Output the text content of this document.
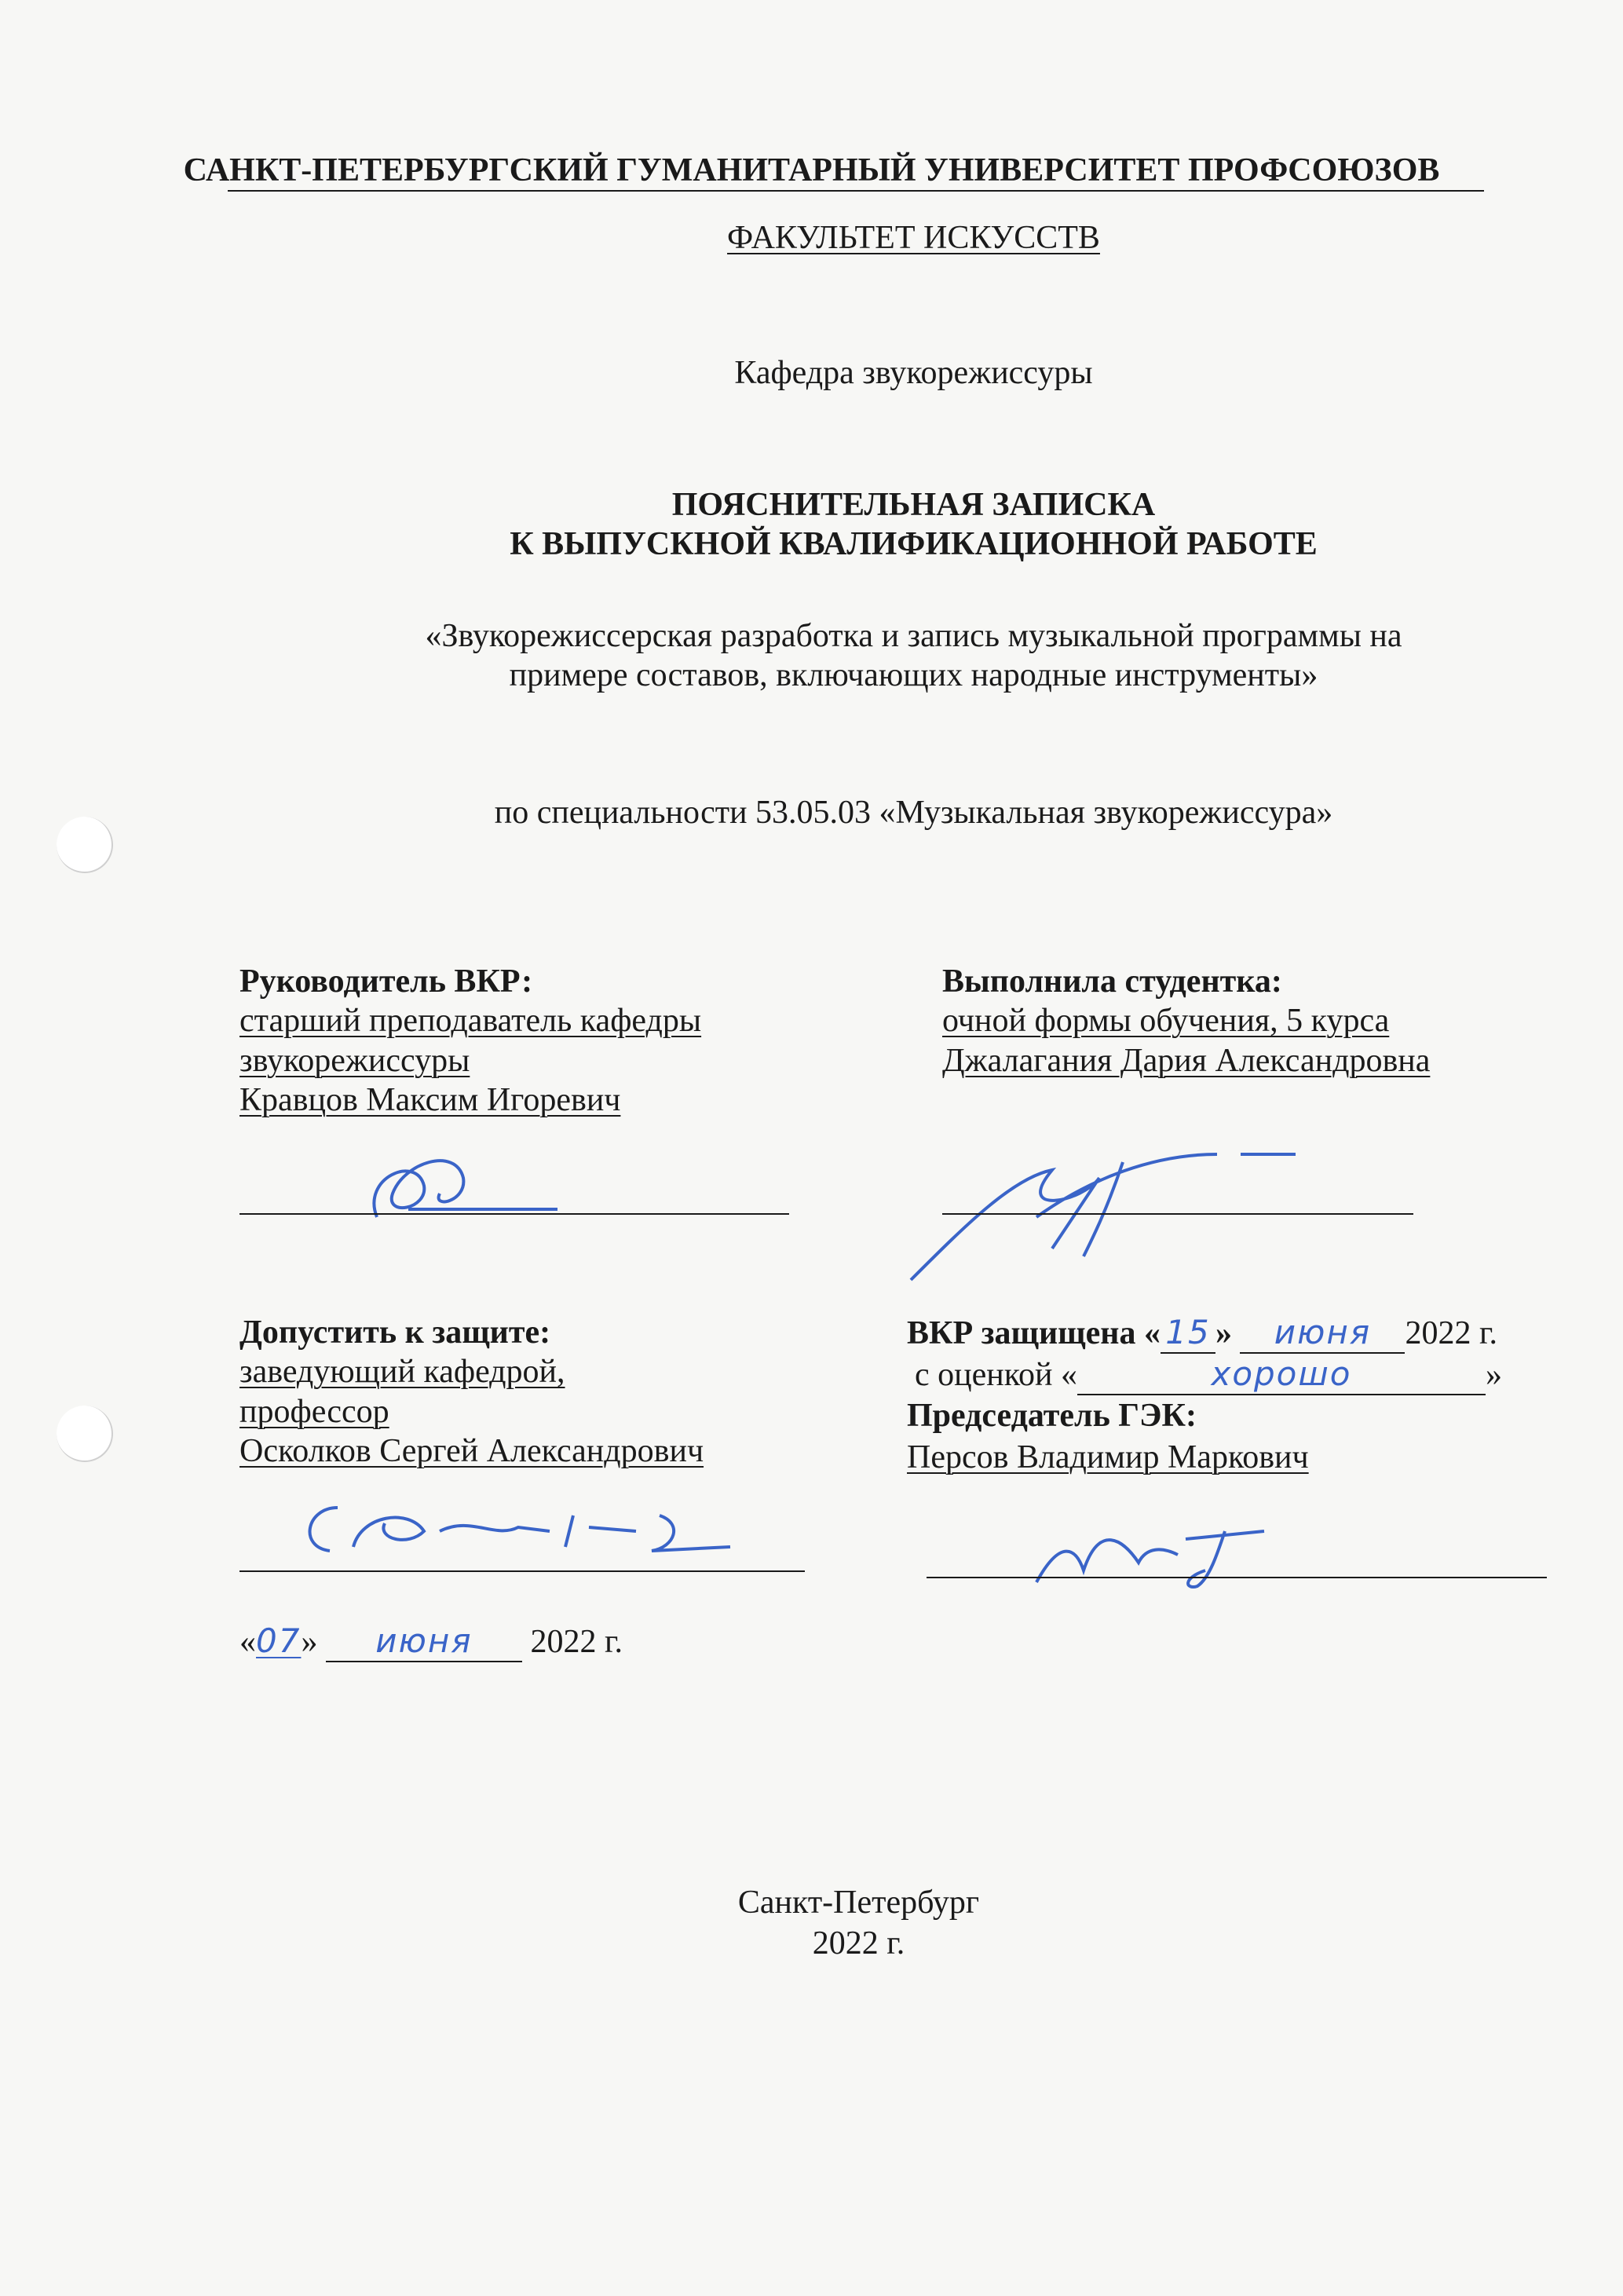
САНКТ-ПЕТЕРБУРГСКИЙ ГУМАНИТАРНЫЙ УНИВЕРСИТЕТ ПРОФСОЮЗОВ
ФАКУЛЬТЕТ ИСКУССТВ
Кафедра звукорежиссуры
ПОЯСНИТЕЛЬНАЯ ЗАПИСКА
К ВЫПУСКНОЙ КВАЛИФИКАЦИОННОЙ РАБОТЕ
«Звукорежиссерская разработка и запись музыкальной программы на
примере составов, включающих народные инструменты»
по специальности 53.05.03 «Музыкальная звукорежиссура»
Руководитель ВКР:
старший преподаватель кафедры
звукорежиссуры
Кравцов Максим Игоревич
Выполнила студентка:
очной формы обучения, 5 курса
Джалагания Дария Александровна
Допустить к защите:
заведующий кафедрой,
профессор
Осколков Сергей Александрович
«07» июня 2022 г.
ВКР защищена « 15 » июня 2022 г.
с оценкой «	хорошо	»
Председатель ГЭК:
Персов Владимир Маркович
Санкт-Петербург
2022 г.
